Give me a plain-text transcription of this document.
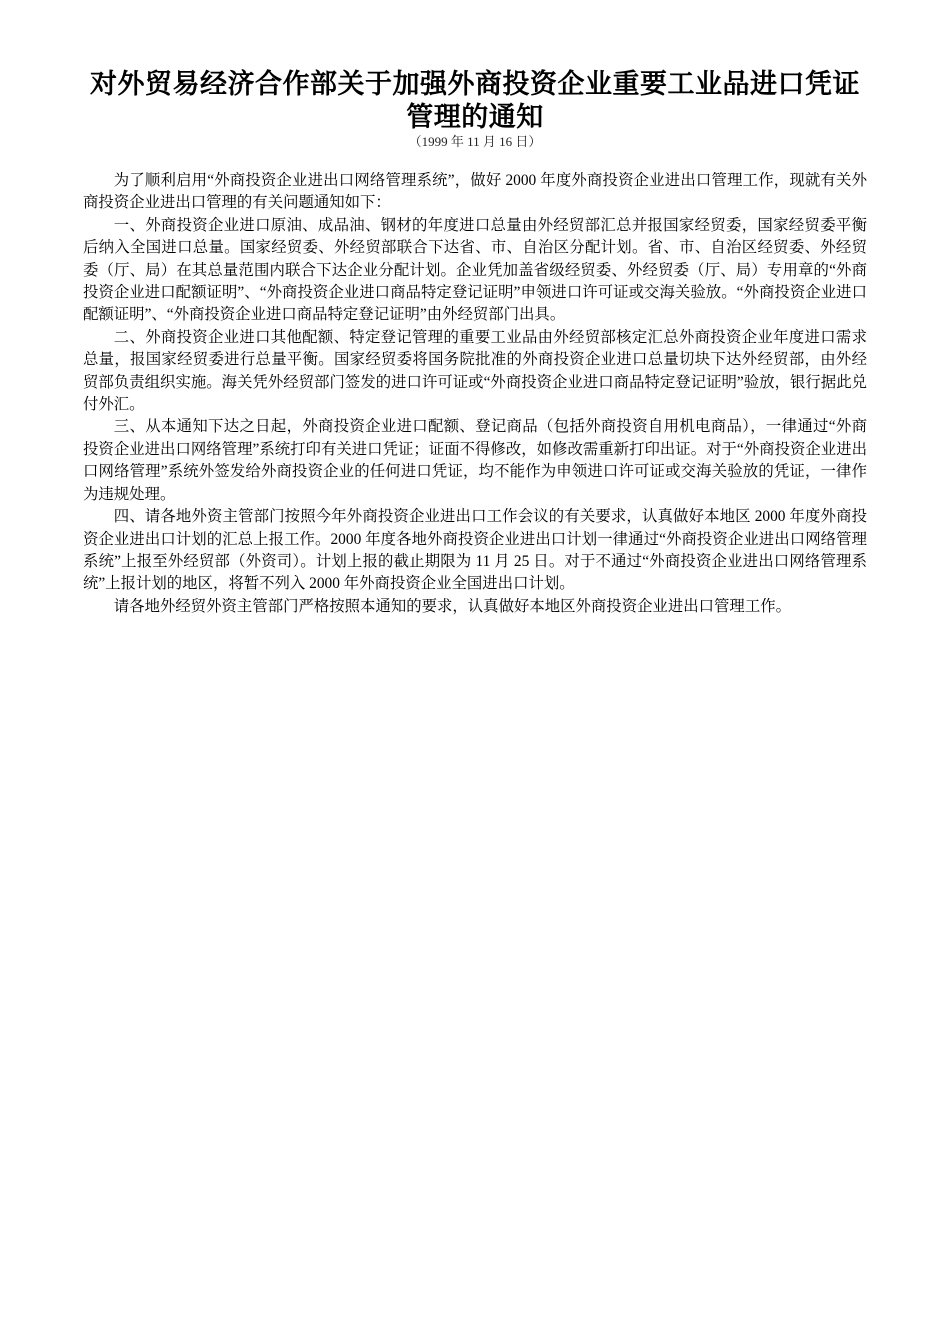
对外贸易经济合作部关于加强外商投资企业重要工业品进口凭证管理的通知

（1999 年 11 月 16 日）

为了顺利启用“外商投资企业进出口网络管理系统”，做好 2000 年度外商投资企业进出口管理工作，现就有关外商投资企业进出口管理的有关问题通知如下：

一、外商投资企业进口原油、成品油、钢材的年度进口总量由外经贸部汇总并报国家经贸委，国家经贸委平衡后纳入全国进口总量。国家经贸委、外经贸部联合下达省、市、自治区分配计划。省、市、自治区经贸委、外经贸委（厅、局）在其总量范围内联合下达企业分配计划。企业凭加盖省级经贸委、外经贸委（厅、局）专用章的“外商投资企业进口配额证明”、“外商投资企业进口商品特定登记证明”申领进口许可证或交海关验放。“外商投资企业进口配额证明”、“外商投资企业进口商品特定登记证明”由外经贸部门出具。

二、外商投资企业进口其他配额、特定登记管理的重要工业品由外经贸部核定汇总外商投资企业年度进口需求总量，报国家经贸委进行总量平衡。国家经贸委将国务院批准的外商投资企业进口总量切块下达外经贸部，由外经贸部负责组织实施。海关凭外经贸部门签发的进口许可证或“外商投资企业进口商品特定登记证明”验放，银行据此兑付外汇。

三、从本通知下达之日起，外商投资企业进口配额、登记商品（包括外商投资自用机电商品），一律通过“外商投资企业进出口网络管理”系统打印有关进口凭证；证面不得修改，如修改需重新打印出证。对于“外商投资企业进出口网络管理”系统外签发给外商投资企业的任何进口凭证，均不能作为申领进口许可证或交海关验放的凭证，一律作为违规处理。

四、请各地外资主管部门按照今年外商投资企业进出口工作会议的有关要求，认真做好本地区 2000 年度外商投资企业进出口计划的汇总上报工作。2000 年度各地外商投资企业进出口计划一律通过“外商投资企业进出口网络管理系统”上报至外经贸部（外资司）。计划上报的截止期限为 11 月 25 日。对于不通过“外商投资企业进出口网络管理系统”上报计划的地区，将暂不列入 2000 年外商投资企业全国进出口计划。

请各地外经贸外资主管部门严格按照本通知的要求，认真做好本地区外商投资企业进出口管理工作。
